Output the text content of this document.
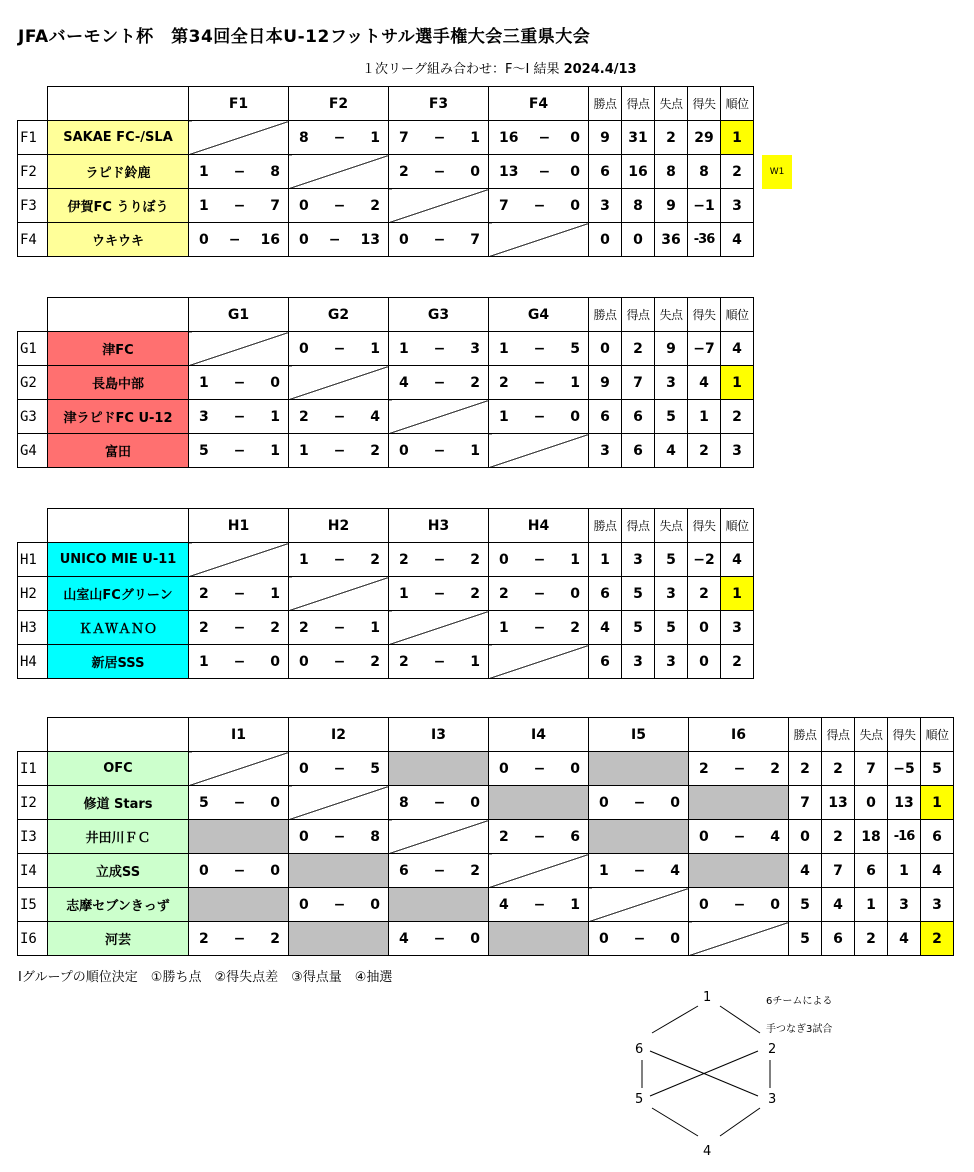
JFAバーモント杯　第34回全日本U-12フットサル選手権大会三重県大会
１次リーグ組み合わせ：F～I 結果 2024.4/13
		F1	F2	F3	F4	勝点	得点	失点	得失	順位
F1	SAKAE FC-/SLA		8 − 1	7 − 1	16 − 0	9	31	2	29	1
F2	ラピド鈴鹿	1 − 8		2 − 0	13 − 0	6	16	8	8	2
F3	伊賀FC うりぼう	1 − 7	0 − 2		7 − 0	3	8	9	−1	3
F4	ウキウキ	0 − 16	0 − 13	0 − 7		0	0	36	-36	4
W1
		G1	G2	G3	G4	勝点	得点	失点	得失	順位
G1	津FC		0 − 1	1 − 3	1 − 5	0	2	9	−7	4
G2	長島中部	1 − 0		4 − 2	2 − 1	9	7	3	4	1
G3	津ラピドFC U-12	3 − 1	2 − 4		1 − 0	6	6	5	1	2
G4	富田	5 − 1	1 − 2	0 − 1		3	6	4	2	3
		H1	H2	H3	H4	勝点	得点	失点	得失	順位
H1	UNICO MIE U-11		1 − 2	2 − 2	0 − 1	1	3	5	−2	4
H2	山室山FCグリーン	2 − 1		1 − 2	2 − 0	6	5	3	2	1
H3	ＫＡＷＡＮＯ	2 − 2	2 − 1		1 − 2	4	5	5	0	3
H4	新居SSS	1 − 0	0 − 2	2 − 1		6	3	3	0	2
		I1	I2	I3	I4	I5	I6	勝点	得点	失点	得失	順位
I1	OFC		0 − 5		0 − 0		2 − 2	2	2	7	−5	5
I2	修道 Stars	5 − 0		8 − 0		0 − 0		7	13	0	13	1
I3	井田川ＦＣ		0 − 8		2 − 6		0 − 4	0	2	18	-16	6
I4	立成SS	0 − 0		6 − 2		1 − 4		4	7	6	1	4
I5	志摩セブンきっず		0 − 0		4 − 1		0 − 0	5	4	1	3	3
I6	河芸	2 − 2		4 − 0		0 − 0		5	6	2	4	2
Iグループの順位決定　①勝ち点　②得失点差　③得点量　④抽選
1
2
3
4
5
6
6チームによる
手つなぎ3試合
